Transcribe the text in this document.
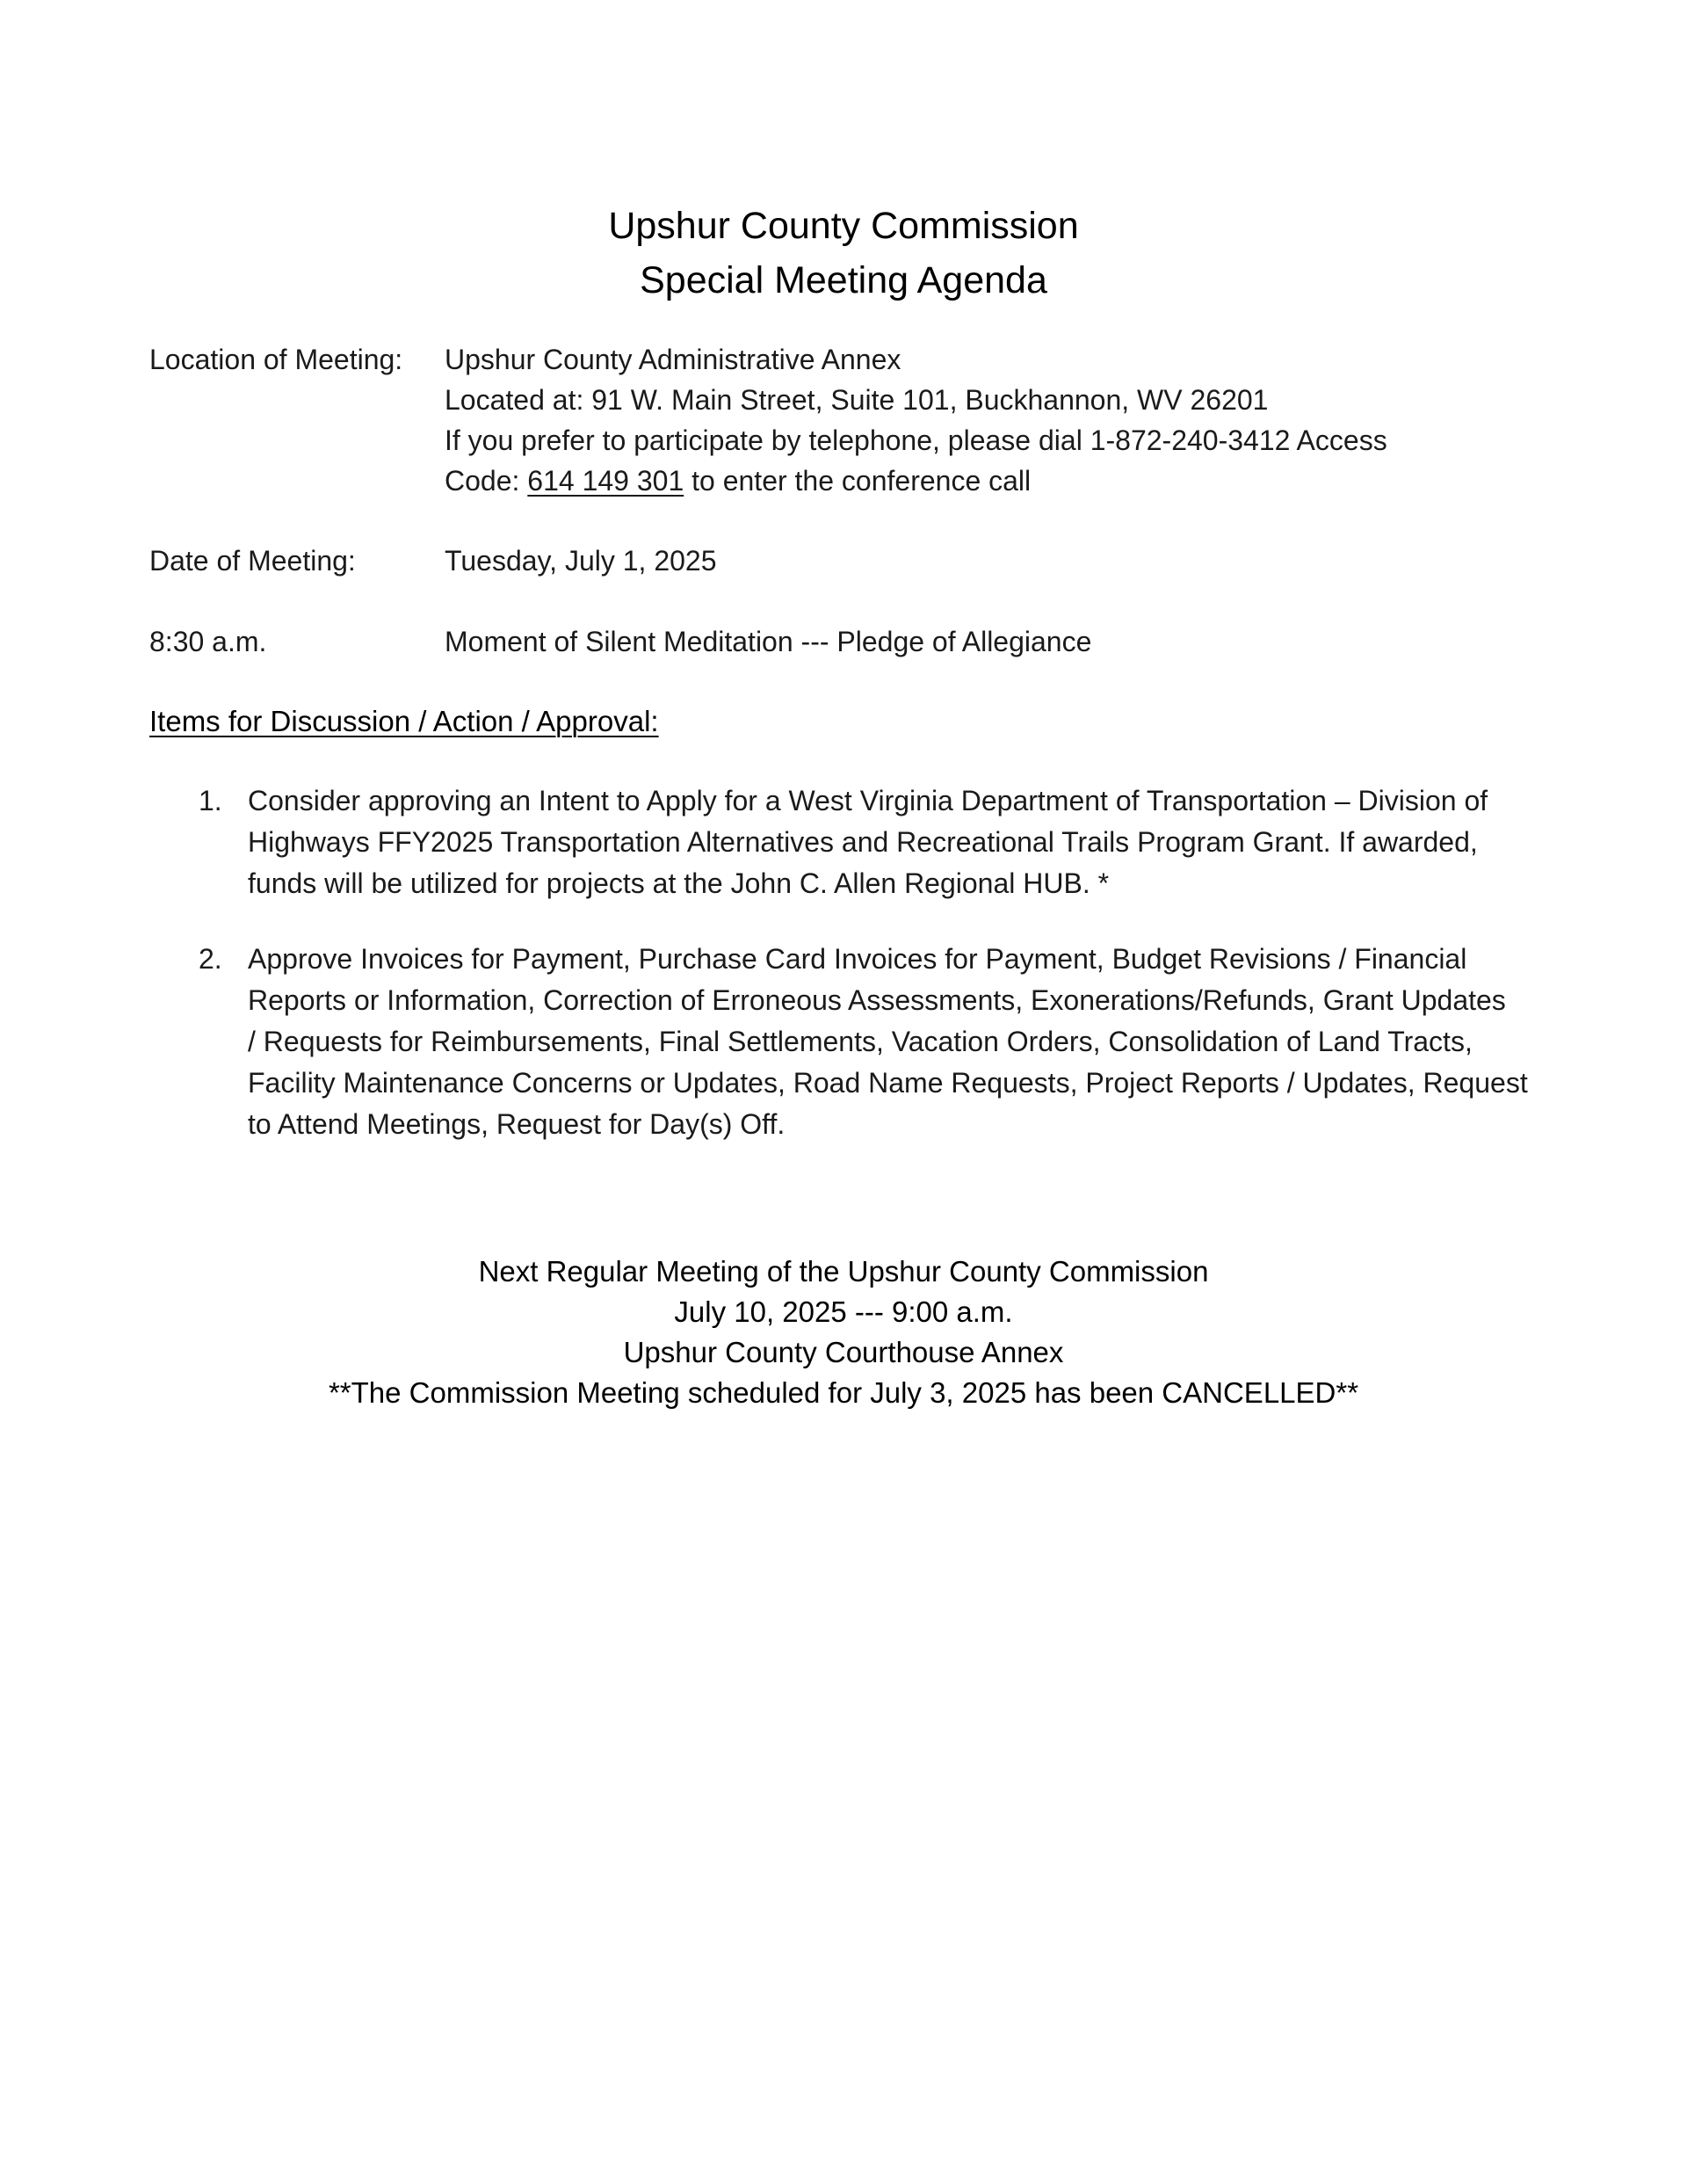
Upshur County Commission
Special Meeting Agenda
Location of Meeting: Upshur County Administrative Annex
Located at: 91 W. Main Street, Suite 101, Buckhannon, WV 26201
If you prefer to participate by telephone, please dial 1-872-240-3412 Access
Code: 614 149 301 to enter the conference call
Date of Meeting:	Tuesday, July 1, 2025
8:30 a.m.	Moment of Silent Meditation --- Pledge of Allegiance
Items for Discussion / Action / Approval:
1. Consider approving an Intent to Apply for a West Virginia Department of Transportation – Division of
Highways FFY2025 Transportation Alternatives and Recreational Trails Program Grant. If awarded,
funds will be utilized for projects at the John C. Allen Regional HUB. *
2. Approve Invoices for Payment, Purchase Card Invoices for Payment, Budget Revisions / Financial
Reports or Information, Correction of Erroneous Assessments, Exonerations/Refunds, Grant Updates
/ Requests for Reimbursements, Final Settlements, Vacation Orders, Consolidation of Land Tracts,
Facility Maintenance Concerns or Updates, Road Name Requests, Project Reports / Updates, Request
to Attend Meetings, Request for Day(s) Off.
Next Regular Meeting of the Upshur County Commission
July 10, 2025 --- 9:00 a.m.
Upshur County Courthouse Annex
**The Commission Meeting scheduled for July 3, 2025 has been CANCELLED**
